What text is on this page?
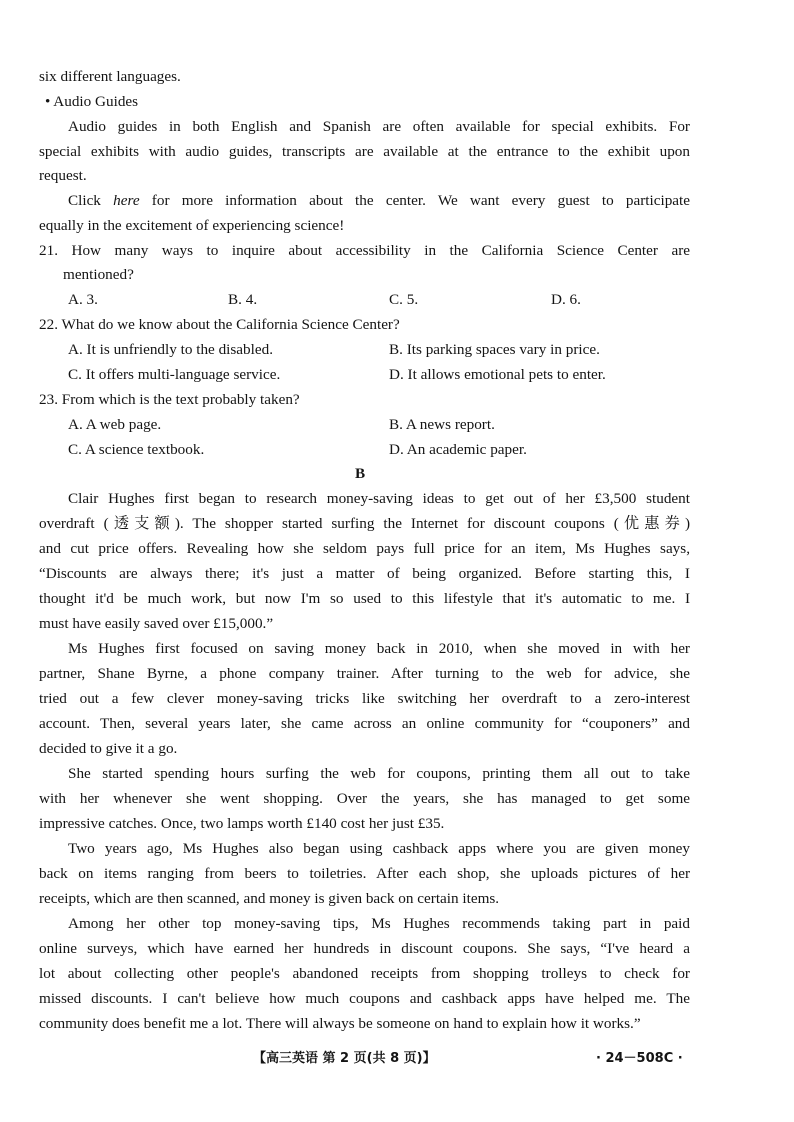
six different languages.
• Audio Guides
Audio guides in both English and Spanish are often available for special exhibits. For
special exhibits with audio guides, transcripts are available at the entrance to the exhibit upon
request.
Click here for more information about the center. We want every guest to participate
equally in the excitement of experiencing science!
21. How many ways to inquire about accessibility in the California Science Center are
mentioned?
A. 3.	B. 4.	C. 5.	D. 6.
22. What do we know about the California Science Center?
A. It is unfriendly to the disabled.	B. Its parking spaces vary in price.
C. It offers multi-language service.	D. It allows emotional pets to enter.
23. From which is the text probably taken?
A. A web page.	B. A news report.
C. A science textbook.	D. An academic paper.
B
Clair Hughes first began to research money-saving ideas to get out of her £3,500 student
overdraft (透支额). The shopper started surfing the Internet for discount coupons (优惠券)
and cut price offers. Revealing how she seldom pays full price for an item, Ms Hughes says,
“Discounts are always there; it's just a matter of being organized. Before starting this, I
thought it'd be much work, but now I'm so used to this lifestyle that it's automatic to me. I
must have easily saved over £15,000.”
Ms Hughes first focused on saving money back in 2010, when she moved in with her
partner, Shane Byrne, a phone company trainer. After turning to the web for advice, she
tried out a few clever money-saving tricks like switching her overdraft to a zero-interest
account. Then, several years later, she came across an online community for “couponers” and
decided to give it a go.
She started spending hours surfing the web for coupons, printing them all out to take
with her whenever she went shopping. Over the years, she has managed to get some
impressive catches. Once, two lamps worth £140 cost her just £35.
Two years ago, Ms Hughes also began using cashback apps where you are given money
back on items ranging from beers to toiletries. After each shop, she uploads pictures of her
receipts, which are then scanned, and money is given back on certain items.
Among her other top money-saving tips, Ms Hughes recommends taking part in paid
online surveys, which have earned her hundreds in discount coupons. She says, “I've heard a
lot about collecting other people's abandoned receipts from shopping trolleys to check for
missed discounts. I can't believe how much coupons and cashback apps have helped me. The
community does benefit me a lot. There will always be someone on hand to explain how it works.”
【高三英语 第 2 页(共 8 页)】	· 24－508C ·
